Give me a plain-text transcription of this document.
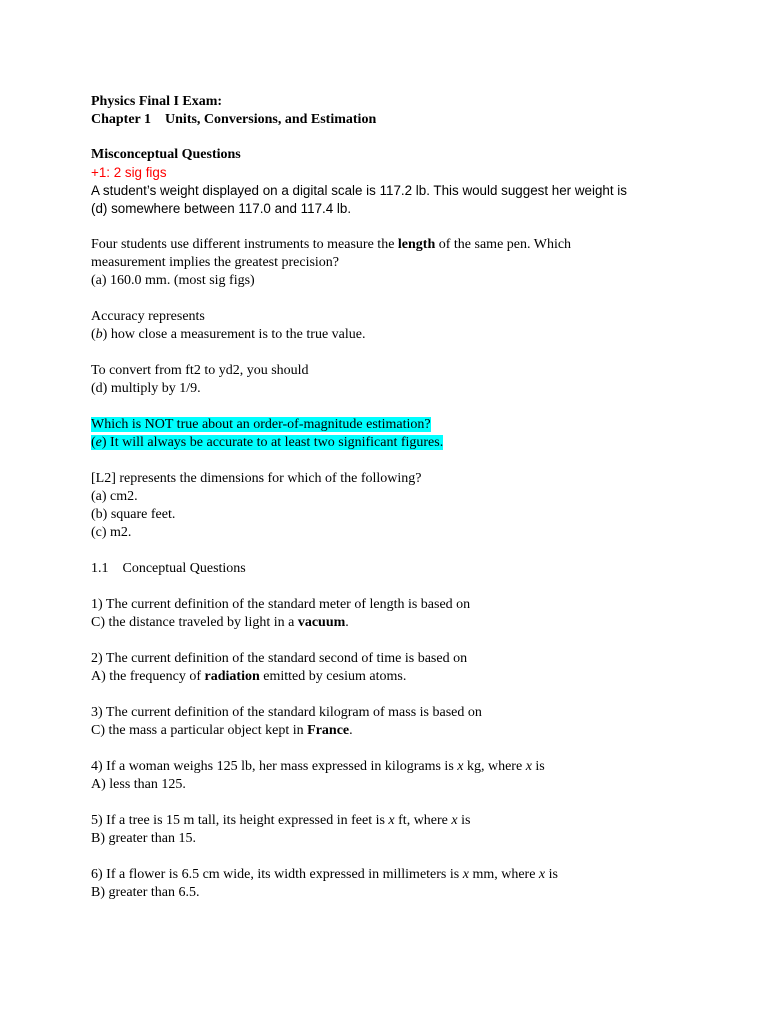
Physics Final I Exam:
Chapter 1 Units, Conversions, and Estimation
Misconceptual Questions
+1: 2 sig figs
A student’s weight displayed on a digital scale is 117.2 lb. This would suggest her weight is
(d) somewhere between 117.0 and 117.4 lb.
Four students use different instruments to measure the length of the same pen. Which
measurement implies the greatest precision?
(a) 160.0 mm. (most sig figs)
Accuracy represents
(b) how close a measurement is to the true value.
To convert from ft2 to yd2, you should
(d) multiply by 1/9.
Which is NOT true about an order-of-magnitude estimation?
(e) It will always be accurate to at least two significant figures.
[L2] represents the dimensions for which of the following?
(a) cm2.
(b) square feet.
(c) m2.
1.1 Conceptual Questions
1) The current definition of the standard meter of length is based on
C) the distance traveled by light in a vacuum.
2) The current definition of the standard second of time is based on
A) the frequency of radiation emitted by cesium atoms.
3) The current definition of the standard kilogram of mass is based on
C) the mass a particular object kept in France.
4) If a woman weighs 125 lb, her mass expressed in kilograms is x kg, where x is
A) less than 125.
5) If a tree is 15 m tall, its height expressed in feet is x ft, where x is
B) greater than 15.
6) If a flower is 6.5 cm wide, its width expressed in millimeters is x mm, where x is
B) greater than 6.5.
